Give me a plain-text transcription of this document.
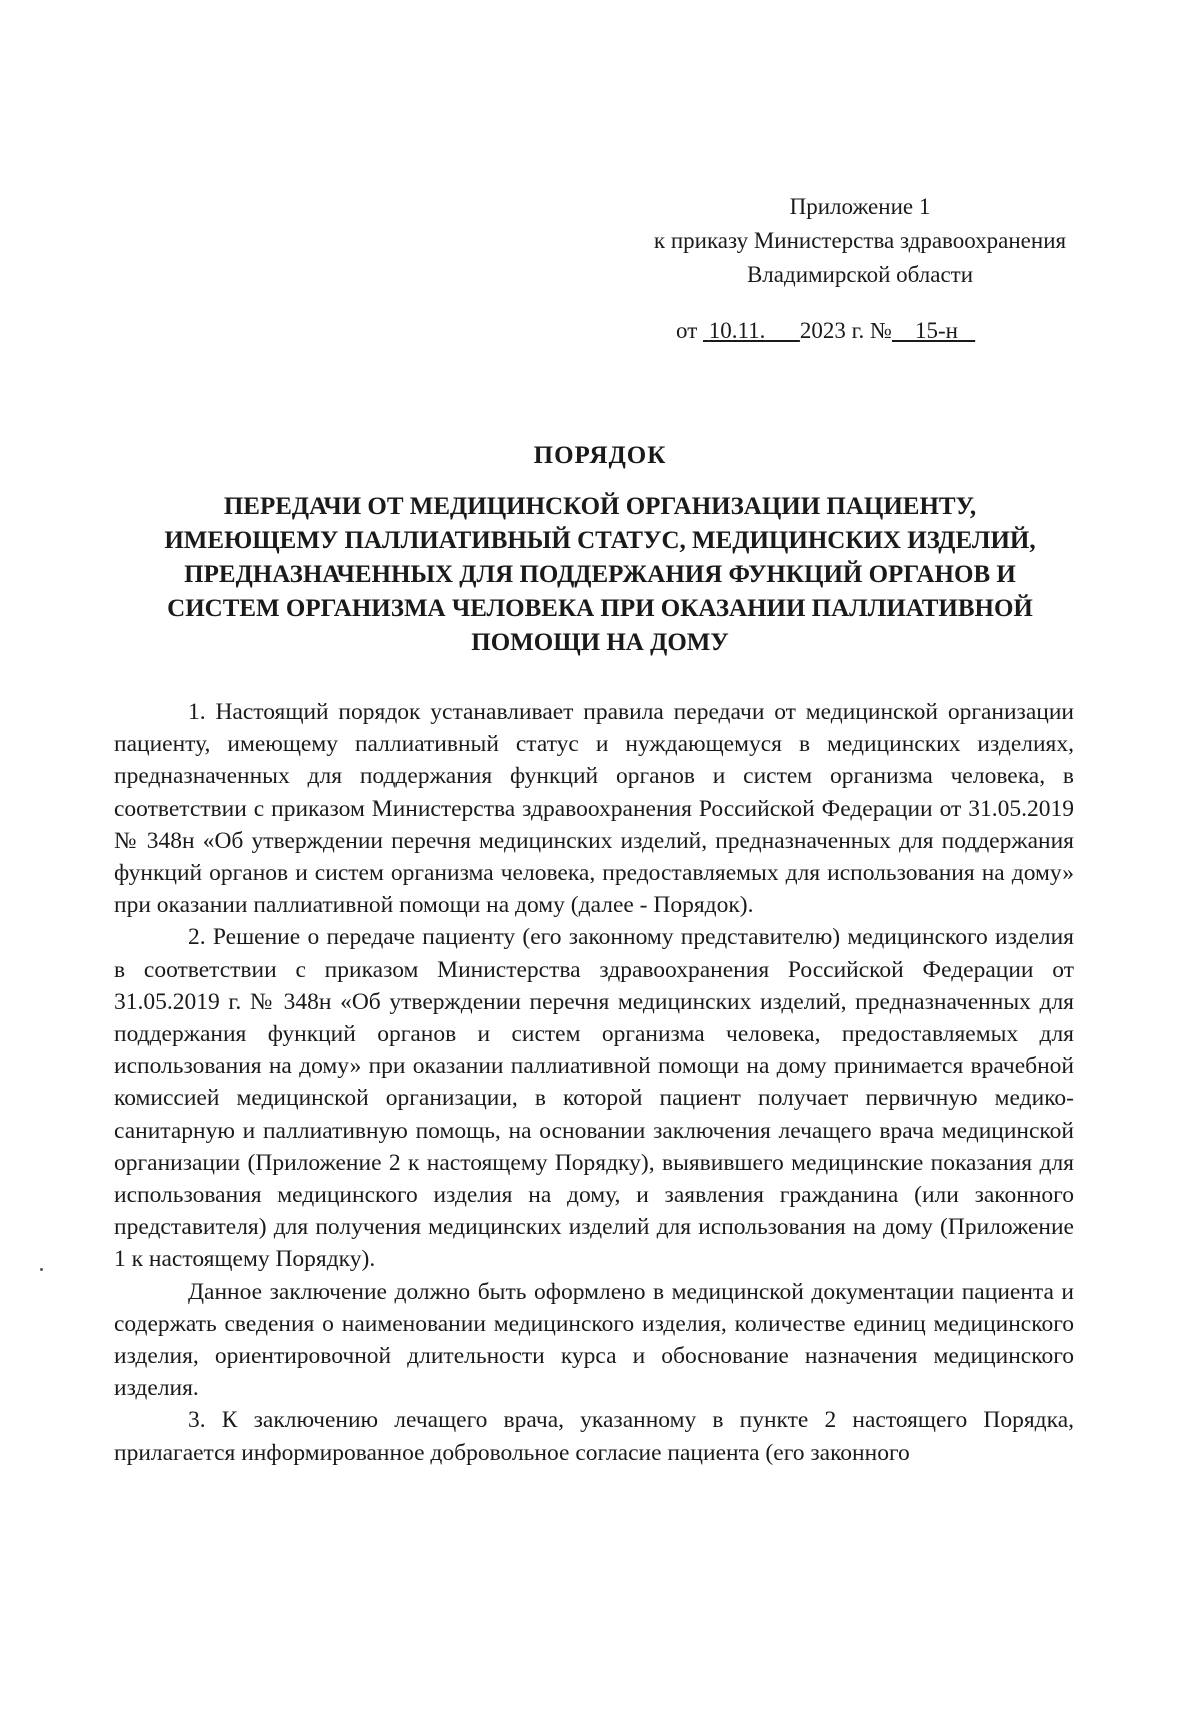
Приложение 1
к приказу Министерства здравоохранения
Владимирской области
от 10.11. 2023 г. № 15-н
ПОРЯДОК
ПЕРЕДАЧИ ОТ МЕДИЦИНСКОЙ ОРГАНИЗАЦИИ ПАЦИЕНТУ,
ИМЕЮЩЕМУ ПАЛЛИАТИВНЫЙ СТАТУС, МЕДИЦИНСКИХ ИЗДЕЛИЙ,
ПРЕДНАЗНАЧЕННЫХ ДЛЯ ПОДДЕРЖАНИЯ ФУНКЦИЙ ОРГАНОВ И
СИСТЕМ ОРГАНИЗМА ЧЕЛОВЕКА ПРИ ОКАЗАНИИ ПАЛЛИАТИВНОЙ
ПОМОЩИ НА ДОМУ

1. Настоящий порядок устанавливает правила передачи от медицинской организации пациенту, имеющему паллиативный статус и нуждающемуся в медицинских изделиях, предназначенных для поддержания функций органов и систем организма человека, в соответствии с приказом Министерства здравоохранения Российской Федерации от 31.05.2019 № 348н «Об утверждении перечня медицинских изделий, предназначенных для поддержания функций органов и систем организма человека, предоставляемых для использования на дому» при оказании паллиативной помощи на дому (далее - Порядок).

2. Решение о передаче пациенту (его законному представителю) медицинского изделия в соответствии с приказом Министерства здравоохранения Российской Федерации от 31.05.2019 г. № 348н «Об утверждении перечня медицинских изделий, предназначенных для поддержания функций органов и систем организма человека, предоставляемых для использования на дому» при оказании паллиативной помощи на дому принимается врачебной комиссией медицинской организации, в которой пациент получает первичную медико-санитарную и паллиативную помощь, на основании заключения лечащего врача медицинской организации (Приложение 2 к настоящему Порядку), выявившего медицинские показания для использования медицинского изделия на дому, и заявления гражданина (или законного представителя) для получения медицинских изделий для использования на дому (Приложение 1 к настоящему Порядку).

Данное заключение должно быть оформлено в медицинской документации пациента и содержать сведения о наименовании медицинского изделия, количестве единиц медицинского изделия, ориентировочной длительности курса и обоснование назначения медицинского изделия.

3. К заключению лечащего врача, указанному в пункте 2 настоящего Порядка, прилагается информированное добровольное согласие пациента (его законного
